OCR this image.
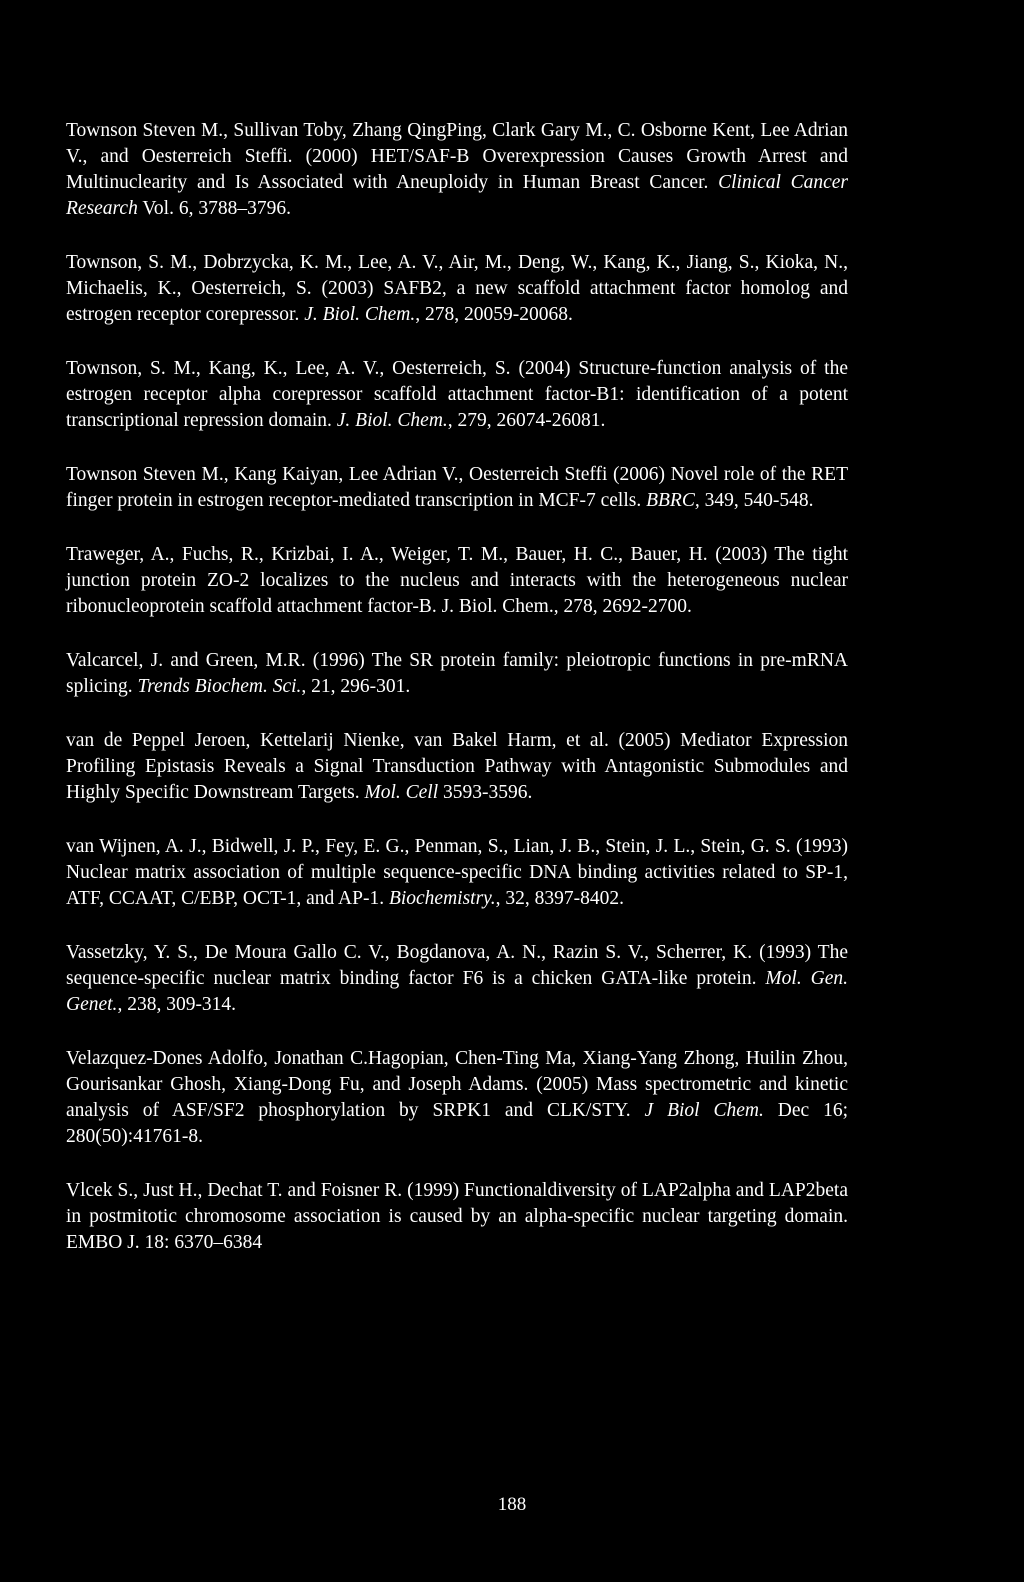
Townson Steven M., Sullivan Toby, Zhang QingPing, Clark Gary M., C. Osborne Kent, Lee Adrian V., and Oesterreich Steffi. (2000) HET/SAF-B Overexpression Causes Growth Arrest and Multinuclearity and Is Associated with Aneuploidy in Human Breast Cancer. Clinical Cancer Research Vol. 6, 3788–3796.

Townson, S. M., Dobrzycka, K. M., Lee, A. V., Air, M., Deng, W., Kang, K., Jiang, S., Kioka, N., Michaelis, K., Oesterreich, S. (2003) SAFB2, a new scaffold attachment factor homolog and estrogen receptor corepressor. J. Biol. Chem., 278, 20059-20068.

Townson, S. M., Kang, K., Lee, A. V., Oesterreich, S. (2004) Structure-function analysis of the estrogen receptor alpha corepressor scaffold attachment factor-B1: identification of a potent transcriptional repression domain. J. Biol. Chem., 279, 26074-26081.

Townson Steven M., Kang Kaiyan, Lee Adrian V., Oesterreich Steffi (2006) Novel role of the RET finger protein in estrogen receptor-mediated transcription in MCF-7 cells. BBRC, 349, 540-548.

Traweger, A., Fuchs, R., Krizbai, I. A., Weiger, T. M., Bauer, H. C., Bauer, H. (2003) The tight junction protein ZO-2 localizes to the nucleus and interacts with the heterogeneous nuclear ribonucleoprotein scaffold attachment factor-B. J. Biol. Chem., 278, 2692-2700.

Valcarcel, J. and Green, M.R. (1996) The SR protein family: pleiotropic functions in pre-mRNA splicing. Trends Biochem. Sci., 21, 296-301.

van de Peppel Jeroen, Kettelarij Nienke, van Bakel Harm, et al. (2005) Mediator Expression Profiling Epistasis Reveals a Signal Transduction Pathway with Antagonistic Submodules and Highly Specific Downstream Targets. Mol. Cell 3593-3596.

van Wijnen, A. J., Bidwell, J. P., Fey, E. G., Penman, S., Lian, J. B., Stein, J. L., Stein, G. S. (1993) Nuclear matrix association of multiple sequence-specific DNA binding activities related to SP-1, ATF, CCAAT, C/EBP, OCT-1, and AP-1. Biochemistry., 32, 8397-8402.

Vassetzky, Y. S., De Moura Gallo C. V., Bogdanova, A. N., Razin S. V., Scherrer, K. (1993) The sequence-specific nuclear matrix binding factor F6 is a chicken GATA-like protein. Mol. Gen. Genet., 238, 309-314.

Velazquez-Dones Adolfo, Jonathan C.Hagopian, Chen-Ting Ma, Xiang-Yang Zhong, Huilin Zhou, Gourisankar Ghosh, Xiang-Dong Fu, and Joseph Adams. (2005) Mass spectrometric and kinetic analysis of ASF/SF2 phosphorylation by SRPK1 and CLK/STY. J Biol Chem. Dec 16; 280(50):41761-8.

Vlcek S., Just H., Dechat T. and Foisner R. (1999) Functionaldiversity of LAP2alpha and LAP2beta in postmitotic chromosome association is caused by an alpha-specific nuclear targeting domain. EMBO J. 18: 6370–6384

188
